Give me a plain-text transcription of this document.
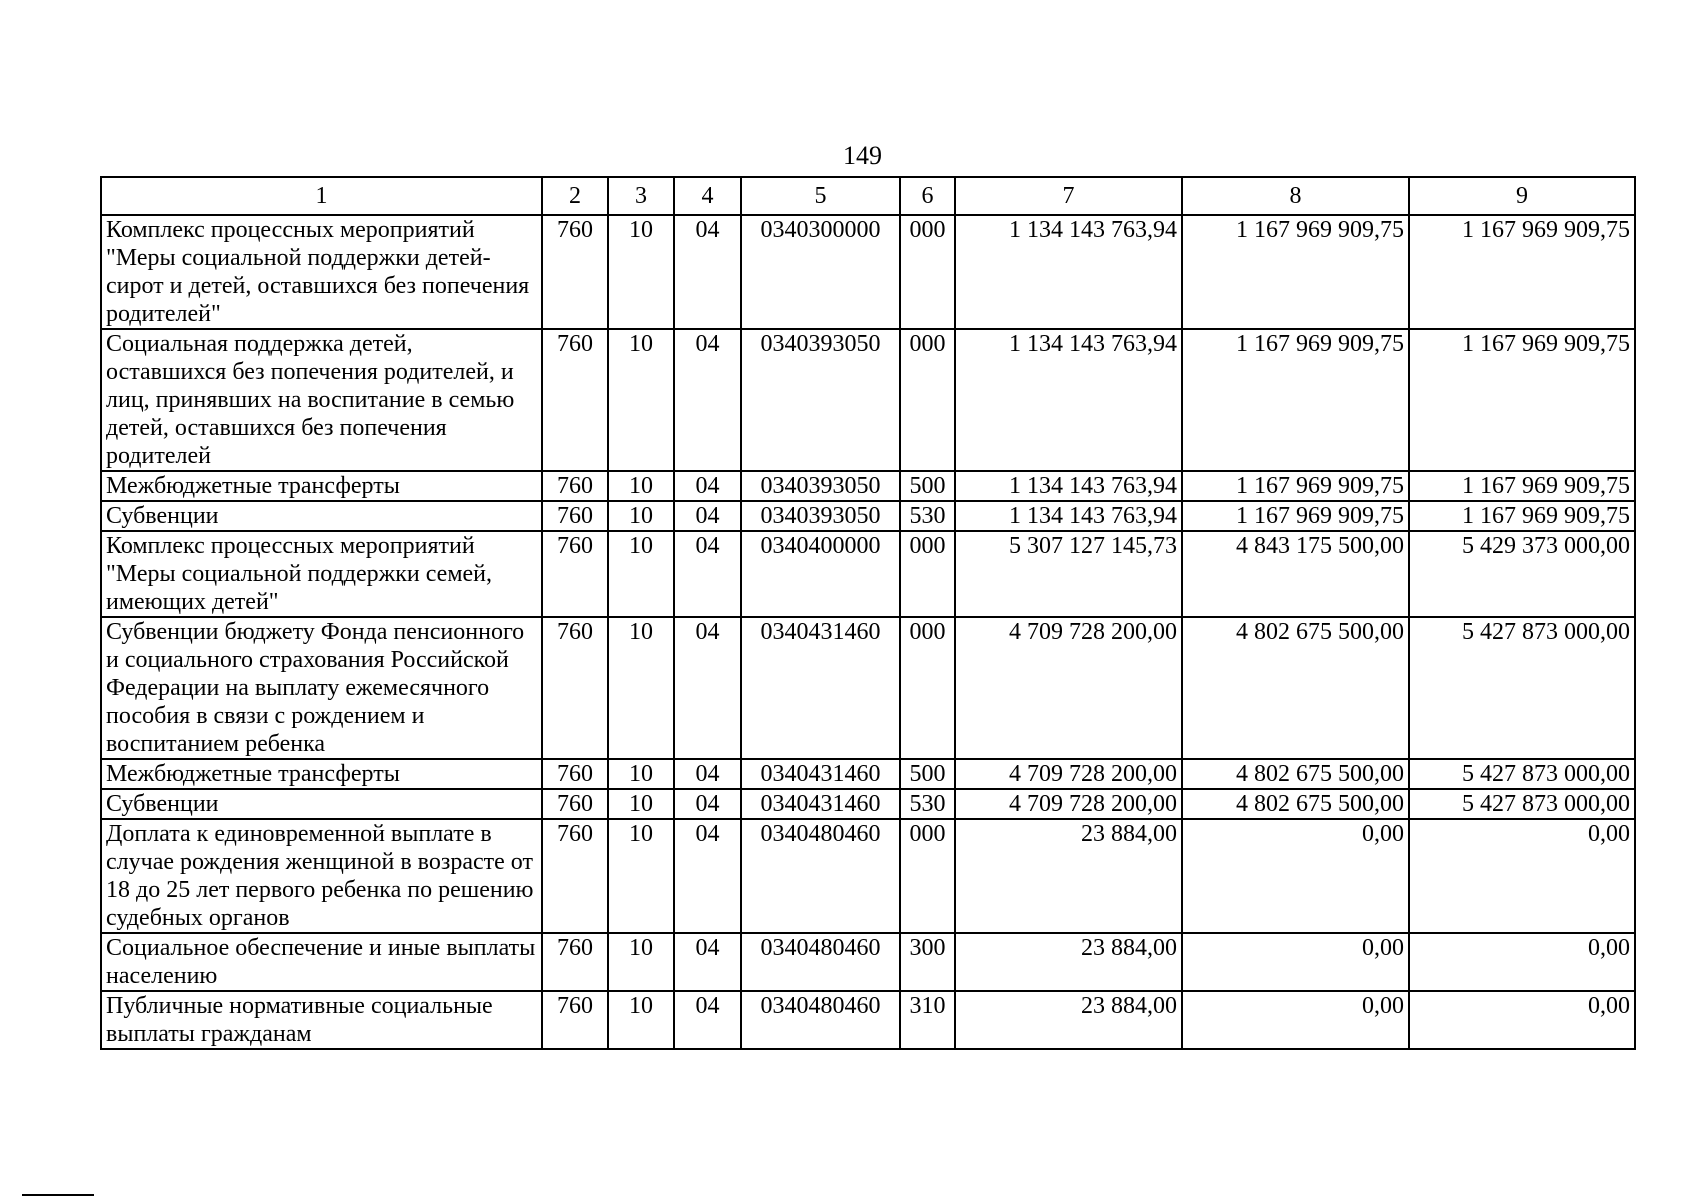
149
1	2	3	4	5	6	7	8	9
Комплекс процессных мероприятий "Меры социальной поддержки детей-сирот и детей, оставшихся без попечения родителей"	760	10	04	0340300000	000	1 134 143 763,94	1 167 969 909,75	1 167 969 909,75
Социальная поддержка детей, оставшихся без попечения родителей, и лиц, принявших на воспитание в семью детей, оставшихся без попечения родителей	760	10	04	0340393050	000	1 134 143 763,94	1 167 969 909,75	1 167 969 909,75
Межбюджетные трансферты	760	10	04	0340393050	500	1 134 143 763,94	1 167 969 909,75	1 167 969 909,75
Субвенции	760	10	04	0340393050	530	1 134 143 763,94	1 167 969 909,75	1 167 969 909,75
Комплекс процессных мероприятий "Меры социальной поддержки семей, имеющих детей"	760	10	04	0340400000	000	5 307 127 145,73	4 843 175 500,00	5 429 373 000,00
Субвенции бюджету Фонда пенсионного и социального страхования Российской Федерации на выплату ежемесячного пособия в связи с рождением и воспитанием ребенка	760	10	04	0340431460	000	4 709 728 200,00	4 802 675 500,00	5 427 873 000,00
Межбюджетные трансферты	760	10	04	0340431460	500	4 709 728 200,00	4 802 675 500,00	5 427 873 000,00
Субвенции	760	10	04	0340431460	530	4 709 728 200,00	4 802 675 500,00	5 427 873 000,00
Доплата к единовременной выплате в случае рождения женщиной в возрасте от 18 до 25 лет первого ребенка по решению судебных органов	760	10	04	0340480460	000	23 884,00	0,00	0,00
Социальное обеспечение и иные выплаты населению	760	10	04	0340480460	300	23 884,00	0,00	0,00
Публичные нормативные социальные выплаты гражданам	760	10	04	0340480460	310	23 884,00	0,00	0,00
